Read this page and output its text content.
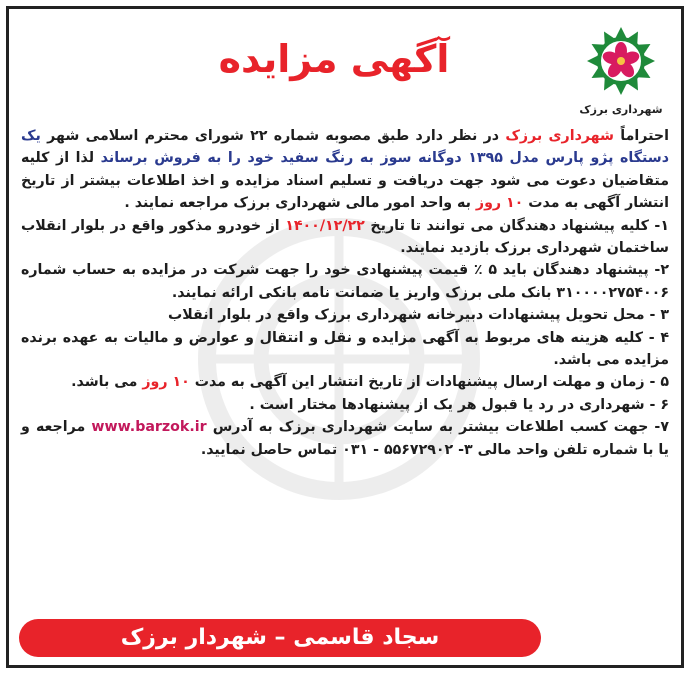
آگهی مزایده
شهرداری برزک

احتراماً شهرداری برزک در نظر دارد طبق مصوبه شماره ۲۲ شورای محترم اسلامی شهر یک دستگاه پژو پارس مدل ۱۳۹۵ دوگانه سوز به رنگ سفید خود را به فروش برساند لذا از کلیه متقاضیان دعوت می شود جهت دریافت و تسلیم اسناد مزایده و اخذ اطلاعات بیشتر از تاریخ انتشار آگهی به مدت ۱۰ روز به واحد امور مالی شهرداری برزک مراجعه نمایند .

۱- کلیه پیشنهاد دهندگان می توانند تا تاریخ ۱۴۰۰/۱۲/۲۲ از خودرو مذکور واقع در بلوار انقلاب ساختمان شهرداری برزک بازدید نمایند.

۲- پیشنهاد دهندگان باید ۵ ٪ قیمت پیشنهادی خود را جهت شرکت در مزایده به حساب شماره ۳۱۰۰۰۰۲۷۵۴۰۰۶ بانک ملی برزک واریز یا ضمانت نامه بانکی ارائه نمایند.

۳ - محل تحویل پیشنهادات دبیرخانه شهرداری برزک واقع در بلوار انقلاب

۴ - کلیه هزینه های مربوط به آگهی مزایده و نقل و انتقال و عوارض و مالیات به عهده برنده مزایده می باشد.

۵ - زمان و مهلت ارسال پیشنهادات از تاریخ انتشار این آگهی به مدت ۱۰ روز می باشد.

۶ - شهرداری در رد یا قبول هر یک از پیشنهادها مختار است .

۷- جهت کسب اطلاعات بیشتر به سایت شهرداری برزک به آدرس www.barzok.ir مراجعه و یا با شماره تلفن واحد مالی ۳- ۵۵۶۷۲۹۰۲ - ۰۳۱ تماس حاصل نمایید.

سجاد قاسمی – شهردار برزک
